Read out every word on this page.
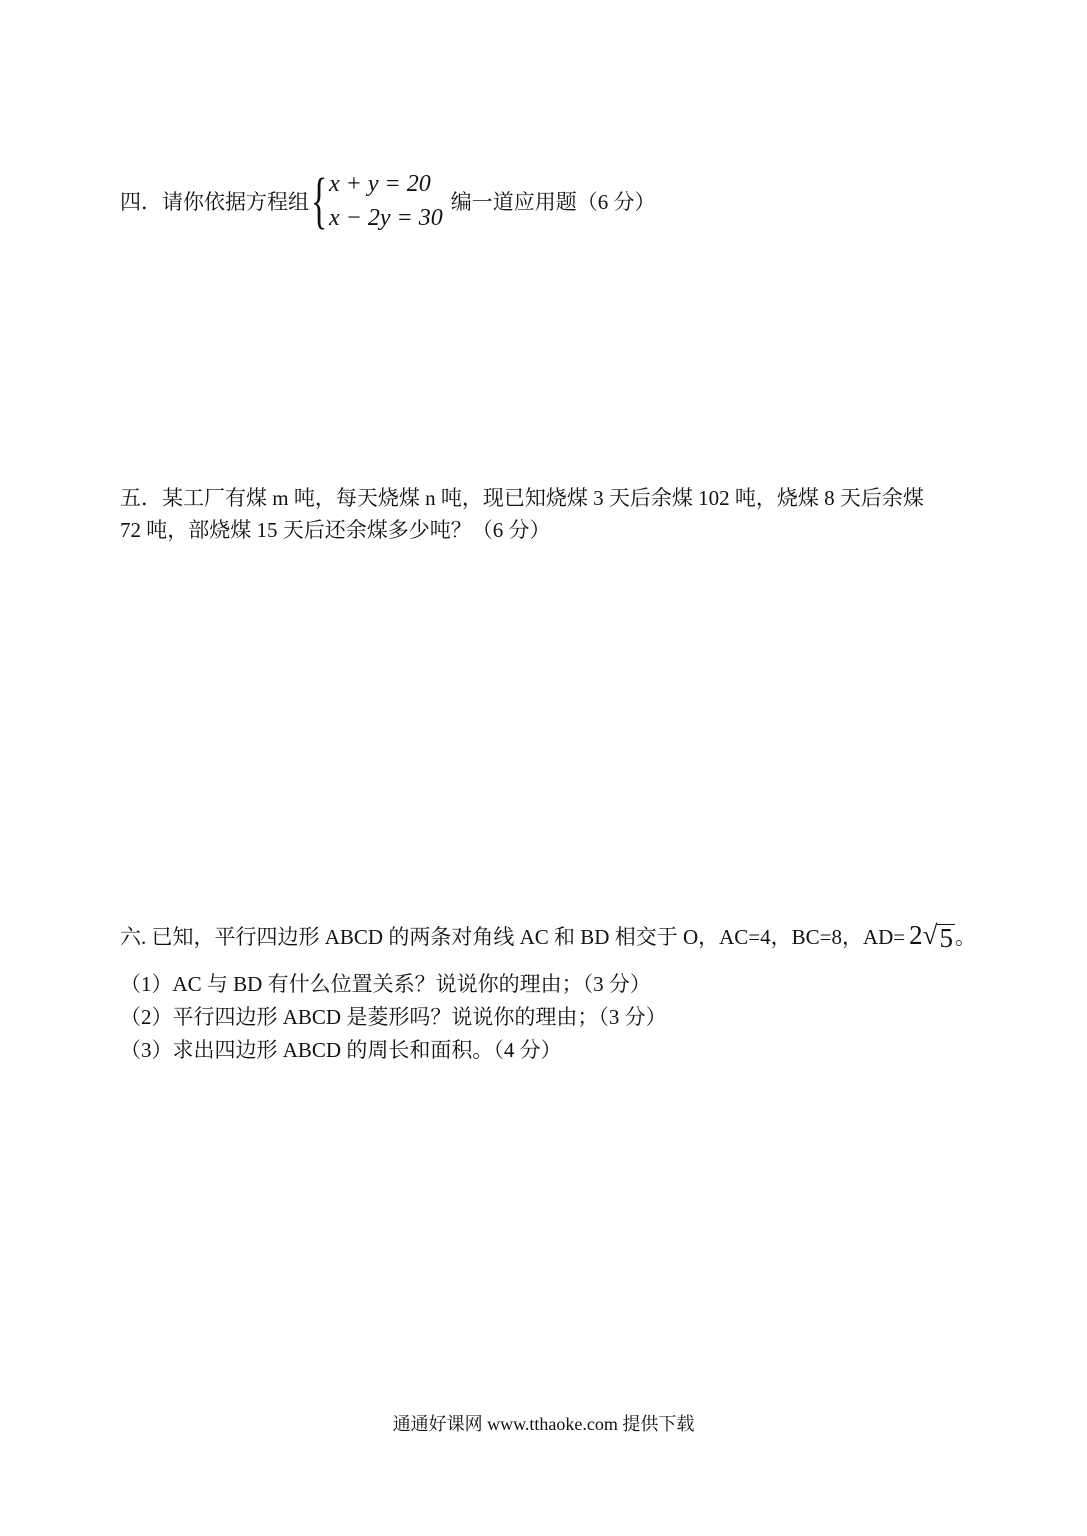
四．请你依据方程组 { x + y = 20
x − 2y = 30
编一道应用题（6 分）
五．某工厂有煤 m 吨，每天烧煤 n 吨，现已知烧煤 3 天后余煤 102 吨，烧煤 8 天后余煤
72 吨，部烧煤 15 天后还余煤多少吨？（6 分）
六. 已知，平行四边形 ABCD 的两条对角线 AC 和 BD 相交于 O，AC=4，BC=8，AD= 2 √ 5 。
（1）AC 与 BD 有什么位置关系？说说你的理由；（3 分）
（2）平行四边形 ABCD 是菱形吗？说说你的理由；（3 分）
（3）求出四边形 ABCD 的周长和面积。（4 分）
通通好课网 www.tthaoke.com 提供下载
